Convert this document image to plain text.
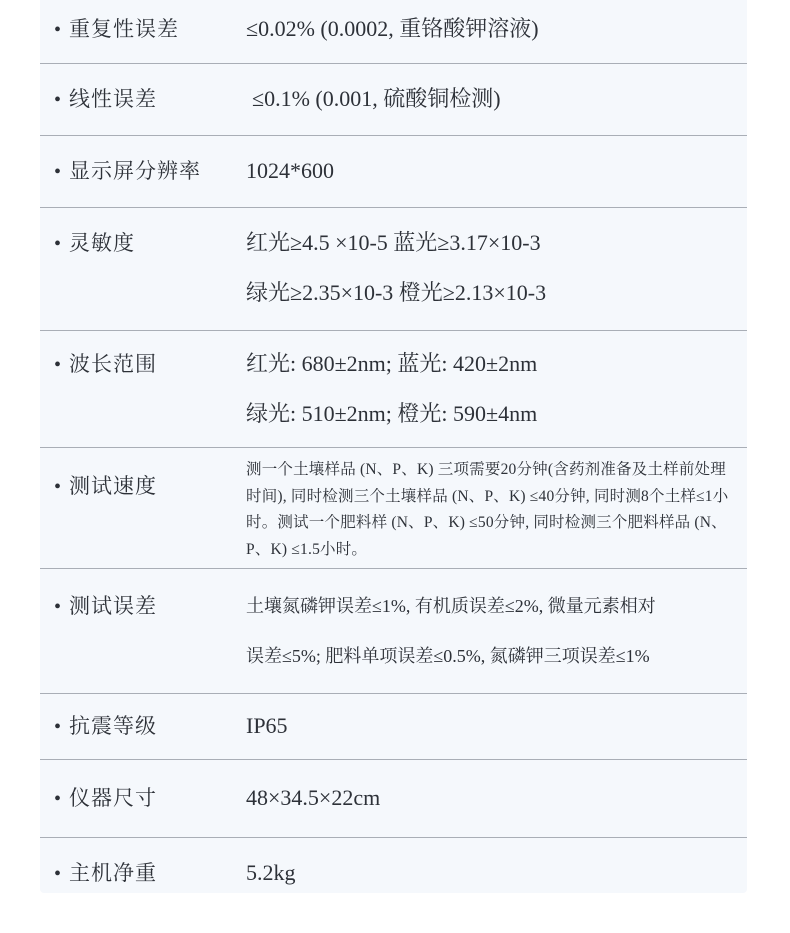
• 重复性误差	≤0.02% (0.0002, 重铬酸钾溶液)
• 线性误差	≤0.1% (0.001, 硫酸铜检测)
• 显示屏分辨率 1024*600
• 灵敏度	红光≥4.5 ×10-5 蓝光≥3.17×10-3
绿光≥2.35×10-3 橙光≥2.13×10-3
• 波长范围	红光: 680±2nm; 蓝光: 420±2nm
绿光: 510±2nm; 橙光: 590±4nm
• 测试速度
测一个土壤样品 (N、P、K) 三项需要20分钟(含药剂准备及土样前处理时间), 同时检测三个土壤样品 (N、P、K) ≤40分钟, 同时测8个土样≤1小时。测试一个肥料样 (N、P、K) ≤50分钟, 同时检测三个肥料样品 (N、P、K) ≤1.5小时。
• 测试误差	土壤氮磷钾误差≤1%, 有机质误差≤2%, 微量元素相对
误差≤5%; 肥料单项误差≤0.5%, 氮磷钾三项误差≤1%
• 抗震等级	IP65
• 仪器尺寸	48×34.5×22cm
• 主机净重	5.2kg
